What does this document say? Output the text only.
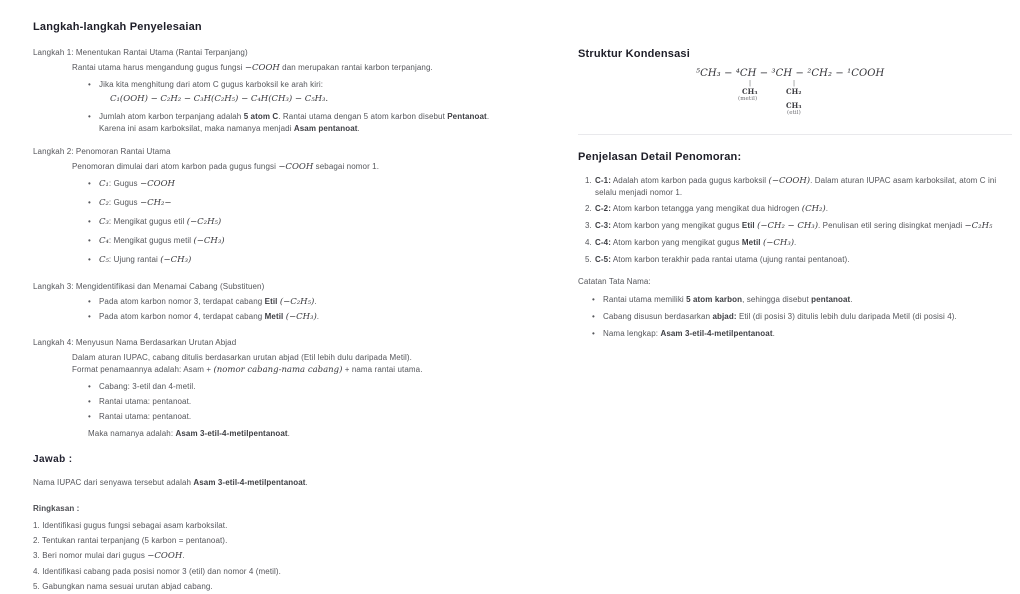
Langkah-langkah Penyelesaian
Langkah 1: Menentukan Rantai Utama (Rantai Terpanjang)
Rantai utama harus mengandung gugus fungsi −COOH dan merupakan rantai karbon terpanjang.
• Jika kita menghitung dari atom C gugus karboksil ke arah kiri:
C₁(OOH) − C₂H₂ − C₃H(C₂H₅) − C₄H(CH₃) − C₅H₃.
• Jumlah atom karbon terpanjang adalah 5 atom C. Rantai utama dengan 5 atom karbon disebut Pentanoat. Karena ini asam karboksilat, maka namanya menjadi Asam pentanoat.
Langkah 2: Penomoran Rantai Utama
Penomoran dimulai dari atom karbon pada gugus fungsi −COOH sebagai nomor 1.
• C₁: Gugus −COOH
• C₂: Gugus −CH₂−
• C₃: Mengikat gugus etil (−C₂H₅)
• C₄: Mengikat gugus metil (−CH₃)
• C₅: Ujung rantai (−CH₃)
Langkah 3: Mengidentifikasi dan Menamai Cabang (Substituen)
• Pada atom karbon nomor 3, terdapat cabang Etil (−C₂H₅).
• Pada atom karbon nomor 4, terdapat cabang Metil (−CH₃).
Langkah 4: Menyusun Nama Berdasarkan Urutan Abjad
Dalam aturan IUPAC, cabang ditulis berdasarkan urutan abjad (Etil lebih dulu daripada Metil).
Format penamaannya adalah: Asam + (nomor cabang-nama cabang) + nama rantai utama.
• Cabang: 3-etil dan 4-metil.
• Rantai utama: pentanoat.
• Rantai utama: pentanoat.
Maka namanya adalah: Asam 3-etil-4-metilpentanoat.
Jawab :
Nama IUPAC dari senyawa tersebut adalah Asam 3-etil-4-metilpentanoat.
Ringkasan :
1. Identifikasi gugus fungsi sebagai asam karboksilat.
2. Tentukan rantai terpanjang (5 karbon = pentanoat).
3. Beri nomor mulai dari gugus −COOH.
4. Identifikasi cabang pada posisi nomor 3 (etil) dan nomor 4 (metil).
5. Gabungkan nama sesuai urutan abjad cabang.
Struktur Kondensasi
⁵CH₃ − ⁴CH − ³CH − ²CH₂ − ¹COOH
|
CH₃
(metil)
|
CH₂
CH₃
(etil)
Penjelasan Detail Penomoran:
1. C-1: Adalah atom karbon pada gugus karboksil (−COOH). Dalam aturan IUPAC asam karboksilat, atom C ini selalu menjadi nomor 1.
2. C-2: Atom karbon tetangga yang mengikat dua hidrogen (CH₂).
3. C-3: Atom karbon yang mengikat gugus Etil (−CH₂ − CH₃). Penulisan etil sering disingkat menjadi −C₂H₅
4. C-4: Atom karbon yang mengikat gugus Metil (−CH₃).
5. C-5: Atom karbon terakhir pada rantai utama (ujung rantai pentanoat).
Catatan Tata Nama:
• Rantai utama memiliki 5 atom karbon, sehingga disebut pentanoat.
• Cabang disusun berdasarkan abjad: Etil (di posisi 3) ditulis lebih dulu daripada Metil (di posisi 4).
• Nama lengkap: Asam 3-etil-4-metilpentanoat.
